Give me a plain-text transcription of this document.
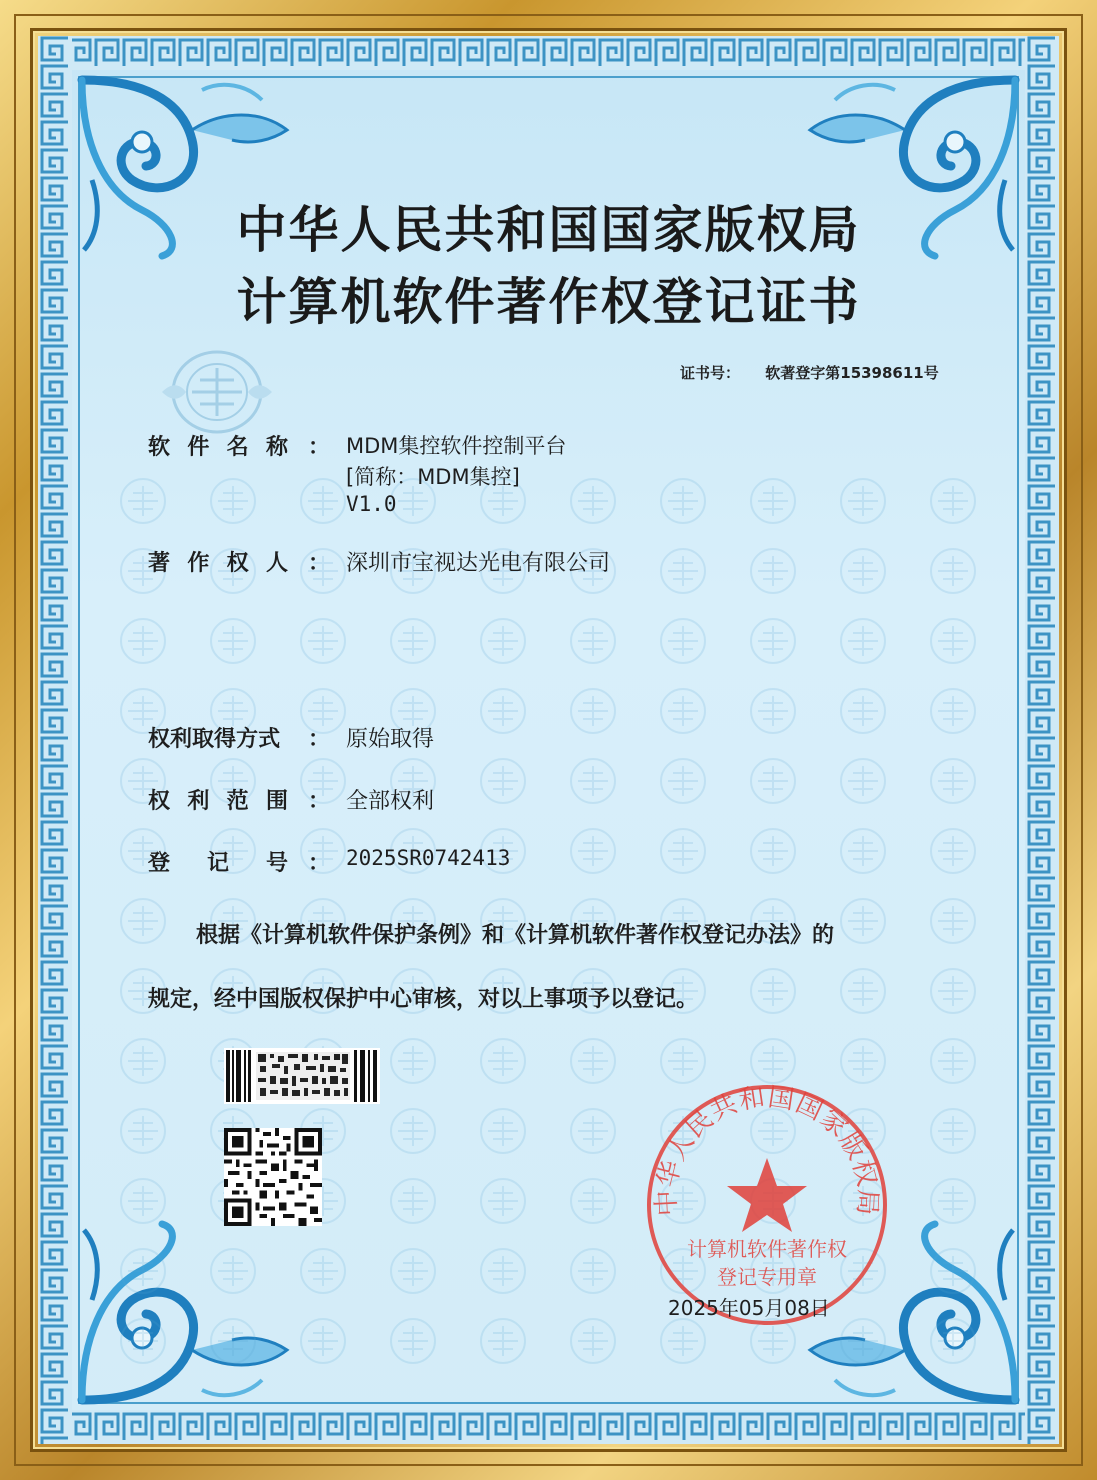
中华人民共和国国家版权局
计算机软件著作权登记证书
证书号： 软著登字第15398611号
软 件 名 称 ： MDM集控软件控制平台
[简称：MDM集控]
V1.0
著 作 权 人 ： 深圳市宝视达光电有限公司
权 利 取 得 方 式 ： 原始取得
权 利 范 围 ： 全部权利
登 记 号 ： 2025SR0742413
根据《计算机软件保护条例》和《计算机软件著作权登记办法》的
规定，经中国版权保护中心审核，对以上事项予以登记。
中华人民共和国国家版权局
计算机软件著作权
登记专用章
2025年05月08日
